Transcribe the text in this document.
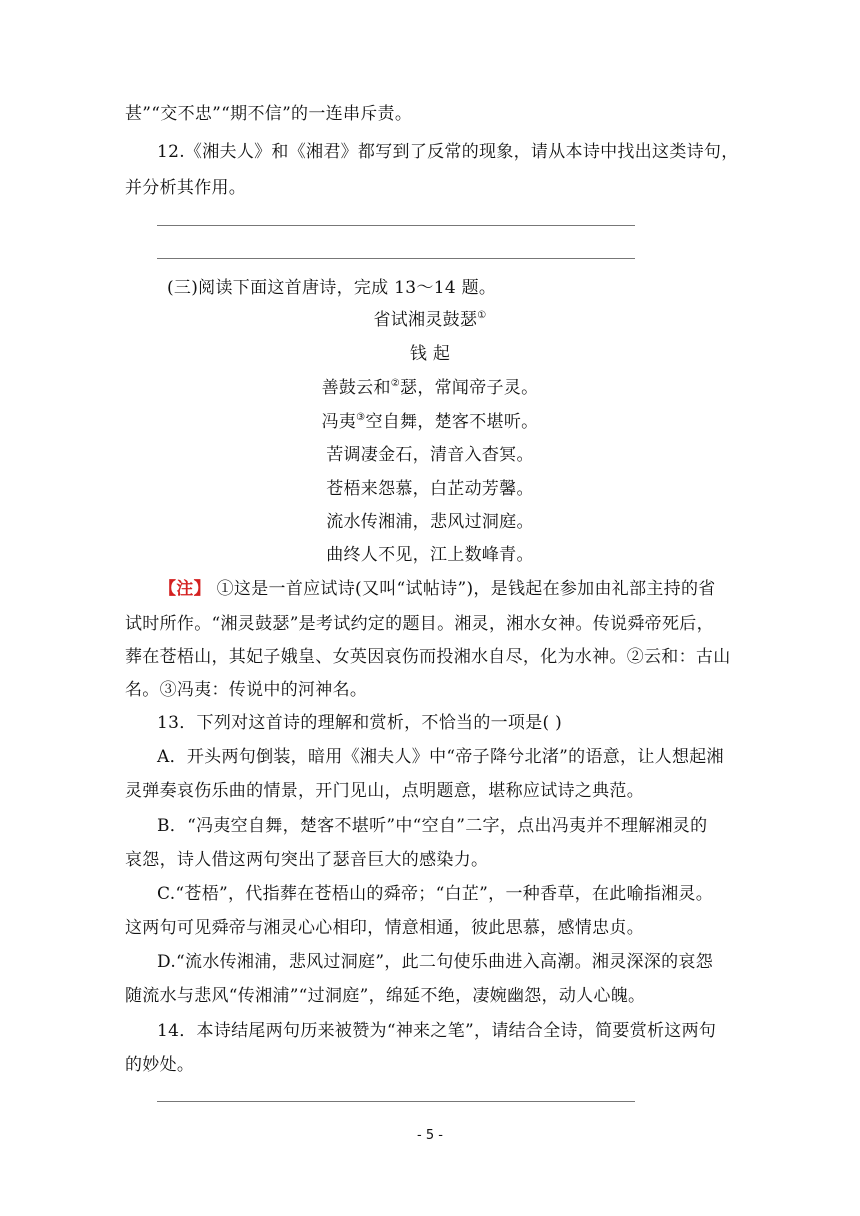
甚”“交不忠”“期不信”的一连串斥责。
12.《湘夫人》和《湘君》都写到了反常的现象，请从本诗中找出这类诗句，
并分析其作用。
(三)阅读下面这首唐诗，完成 13～14 题。
省试湘灵鼓瑟①
钱 起
善鼓云和②瑟，常闻帝子灵。
冯夷③空自舞，楚客不堪听。
苦调凄金石，清音入杳冥。
苍梧来怨慕，白芷动芳馨。
流水传湘浦，悲风过洞庭。
曲终人不见，江上数峰青。
【注】 ①这是一首应试诗(又叫“试帖诗”)，是钱起在参加由礼部主持的省
试时所作。“湘灵鼓瑟”是考试约定的题目。湘灵，湘水女神。传说舜帝死后，
葬在苍梧山，其妃子娥皇、女英因哀伤而投湘水自尽，化为水神。②云和：古山
名。③冯夷：传说中的河神名。
13．下列对这首诗的理解和赏析，不恰当的一项是( )
A．开头两句倒装，暗用《湘夫人》中“帝子降兮北渚”的语意，让人想起湘
灵弹奏哀伤乐曲的情景，开门见山，点明题意，堪称应试诗之典范。
B．“冯夷空自舞，楚客不堪听”中“空自”二字，点出冯夷并不理解湘灵的
哀怨，诗人借这两句突出了瑟音巨大的感染力。
C.“苍梧”，代指葬在苍梧山的舜帝；“白芷”，一种香草，在此喻指湘灵。
这两句可见舜帝与湘灵心心相印，情意相通，彼此思慕，感情忠贞。
D.“流水传湘浦，悲风过洞庭”，此二句使乐曲进入高潮。湘灵深深的哀怨
随流水与悲风“传湘浦”“过洞庭”，绵延不绝，凄婉幽怨，动人心魄。
14．本诗结尾两句历来被赞为“神来之笔”，请结合全诗，简要赏析这两句
的妙处。
- 5 -
